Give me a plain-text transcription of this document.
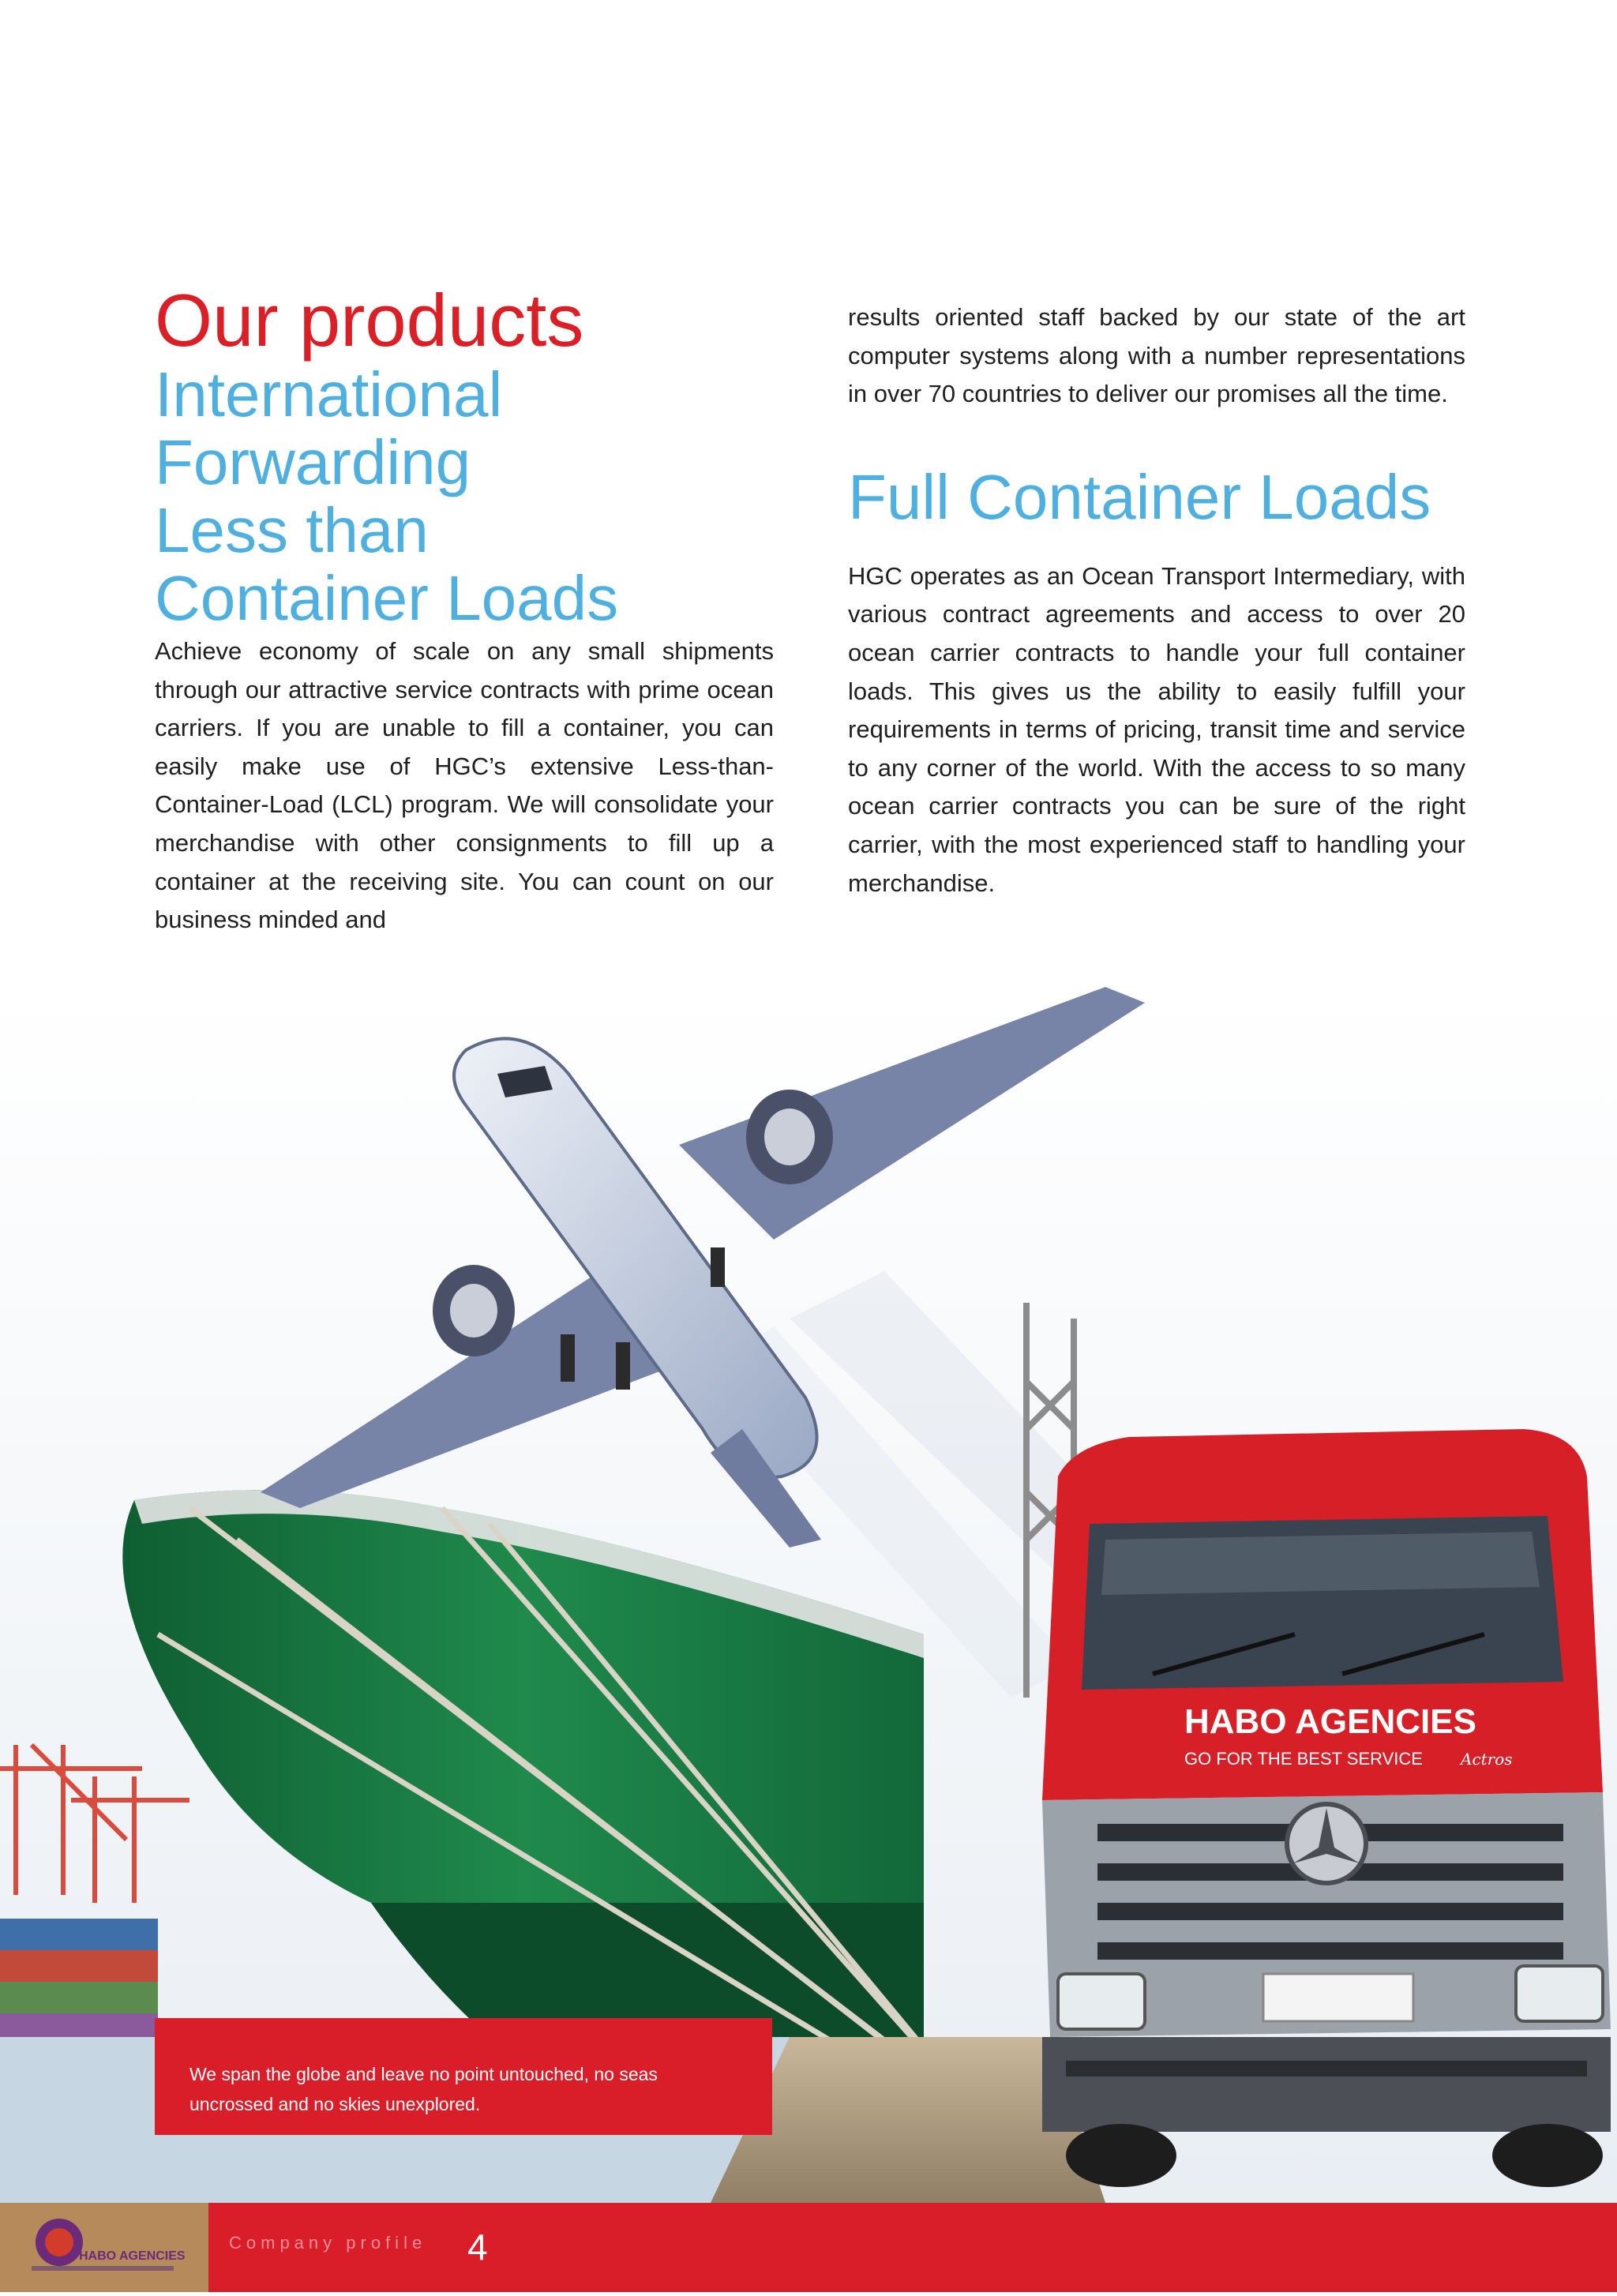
Our products
International
Forwarding
Less than
Container Loads

Achieve economy of scale on any small shipments through our attractive service contracts with prime ocean carriers. If you are unable to fill a container, you can easily make use of HGC’s extensive Less-than-Container-Load (LCL) program. We will consolidate your merchandise with other consignments to fill up a container at the receiving site. You can count on our business minded and

results oriented staff backed by our state of the art computer systems along with a number representations in over 70 countries to deliver our promises all the time.

Full Container Loads

HGC operates as an Ocean Transport Intermediary, with various contract agreements and access to over 20 ocean carrier contracts to handle your full container loads. This gives us the ability to easily fulfill your requirements in terms of pricing, transit time and service to any corner of the world. With the access to so many ocean carrier contracts you can be sure of the right carrier, with the most experienced staff to handling your merchandise.

HABO AGENCIES
GO FOR THE BEST SERVICE Actros

We span the globe and leave no point untouched, no seas uncrossed and no skies unexplored.

HABO AGENCIES
Company profile 4
